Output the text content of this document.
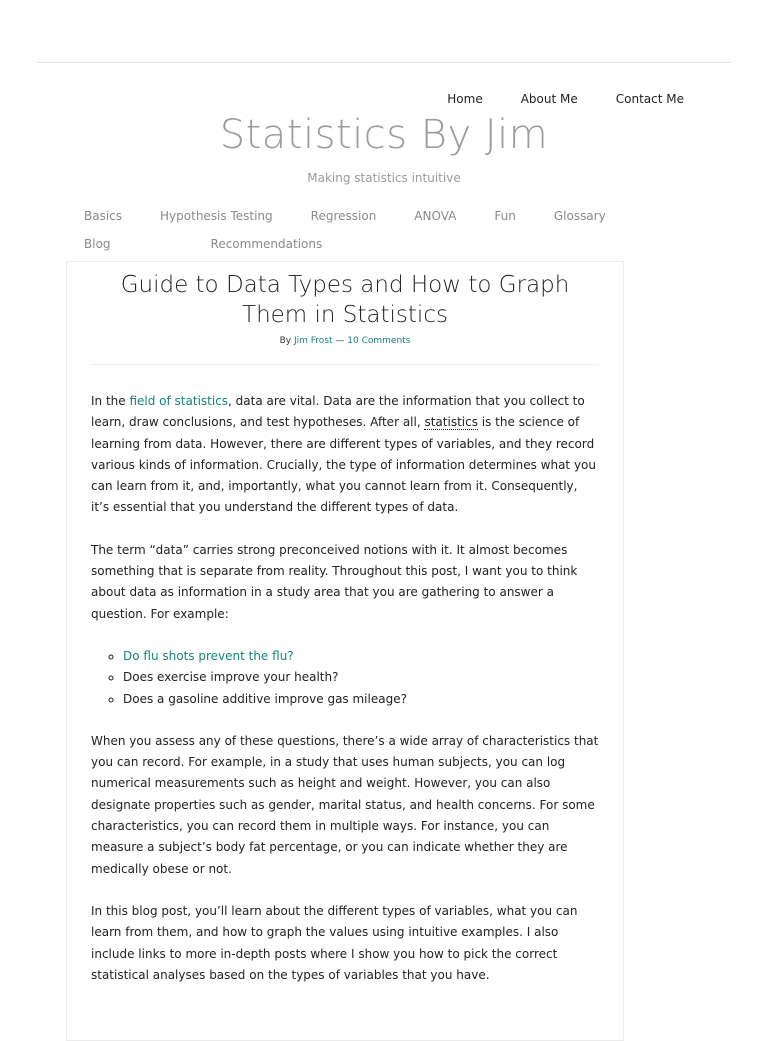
Home	About Me	Contact Me
Statistics By Jim
Making statistics intuitive
Basics	Hypothesis Testing	Regression	ANOVA	Fun	Glossary
Blog	Recommendations
Guide to Data Types and How to Graph Them in Statistics
By Jim Frost — 10 Comments

In the field of statistics, data are vital. Data are the information that you collect to learn, draw conclusions, and test hypotheses. After all, statistics is the science of learning from data. However, there are different types of variables, and they record various kinds of information. Crucially, the type of information determines what you can learn from it, and, importantly, what you cannot learn from it. Consequently, it’s essential that you understand the different types of data.

The term “data” carries strong preconceived notions with it. It almost becomes something that is separate from reality. Throughout this post, I want you to think about data as information in a study area that you are gathering to answer a question. For example:

◦ Do flu shots prevent the flu?
◦ Does exercise improve your health?
◦ Does a gasoline additive improve gas mileage?

When you assess any of these questions, there’s a wide array of characteristics that you can record. For example, in a study that uses human subjects, you can log numerical measurements such as height and weight. However, you can also designate properties such as gender, marital status, and health concerns. For some characteristics, you can record them in multiple ways. For instance, you can measure a subject’s body fat percentage, or you can indicate whether they are medically obese or not.

In this blog post, you’ll learn about the different types of variables, what you can learn from them, and how to graph the values using intuitive examples. I also include links to more in-depth posts where I show you how to pick the correct statistical analyses based on the types of variables that you have.
